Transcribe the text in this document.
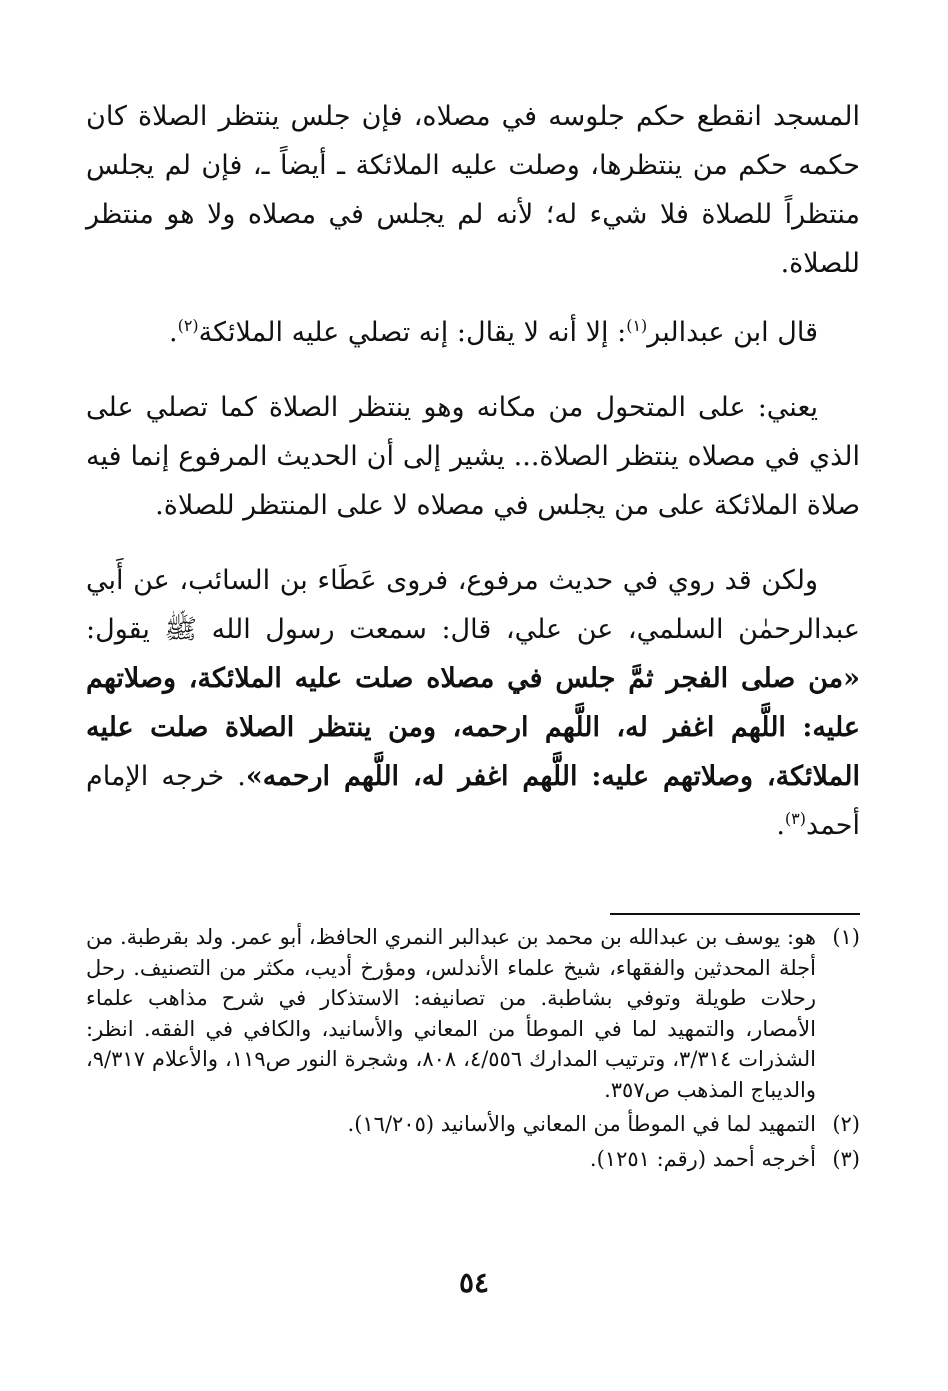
المسجد انقطع حكم جلوسه في مصلاه، فإن جلس ينتظر الصلاة كان حكمه حكم من ينتظرها، وصلت عليه الملائكة ـ أيضاً ـ، فإن لم يجلس منتظراً للصلاة فلا شيء له؛ لأنه لم يجلس في مصلاه ولا هو منتظر للصلاة.

قال ابن عبدالبر$^{(١)}$: إلا أنه لا يقال: إنه تصلي عليه الملائكة$^{(٢)}$.

يعني: على المتحول من مكانه وهو ينتظر الصلاة كما تصلي على الذي في مصلاه ينتظر الصلاة... يشير إلى أن الحديث المرفوع إنما فيه صلاة الملائكة على من يجلس في مصلاه لا على المنتظر للصلاة.

ولكن قد روي في حديث مرفوع، فروى عَطَاء بن السائب، عن أَبي عبدالرحمٰن السلمي، عن علي، قال: سمعت رسول الله ﷺ يقول: «من صلى الفجر ثمَّ جلس في مصلاه صلت عليه الملائكة، وصلاتهم عليه: اللَّهم اغفر له، اللَّهم ارحمه، ومن ينتظر الصلاة صلت عليه الملائكة، وصلاتهم عليه: اللَّهم اغفر له، اللَّهم ارحمه». خرجه الإمام أحمد$^{(٣)}$.

(١)
هو: يوسف بن عبدالله بن محمد بن عبدالبر النمري الحافظ، أبو عمر. ولد بقرطبة. من أجلة المحدثين والفقهاء، شيخ علماء الأندلس، ومؤرخ أديب، مكثر من التصنيف. رحل رحلات طويلة وتوفي بشاطبة. من تصانيفه: الاستذكار في شرح مذاهب علماء الأمصار، والتمهيد لما في الموطأ من المعاني والأسانيد، والكافي في الفقه. انظر: الشذرات ٣/٣١٤، وترتيب المدارك ٤/٥٥٦، ٨٠٨، وشجرة النور ص١١٩، والأعلام ٩/٣١٧، والديباج المذهب ص٣٥٧.
(٢)
التمهيد لما في الموطأ من المعاني والأسانيد (١٦/٢٠٥).
(٣)
أخرجه أحمد (رقم: ١٢٥١).
٥٤
